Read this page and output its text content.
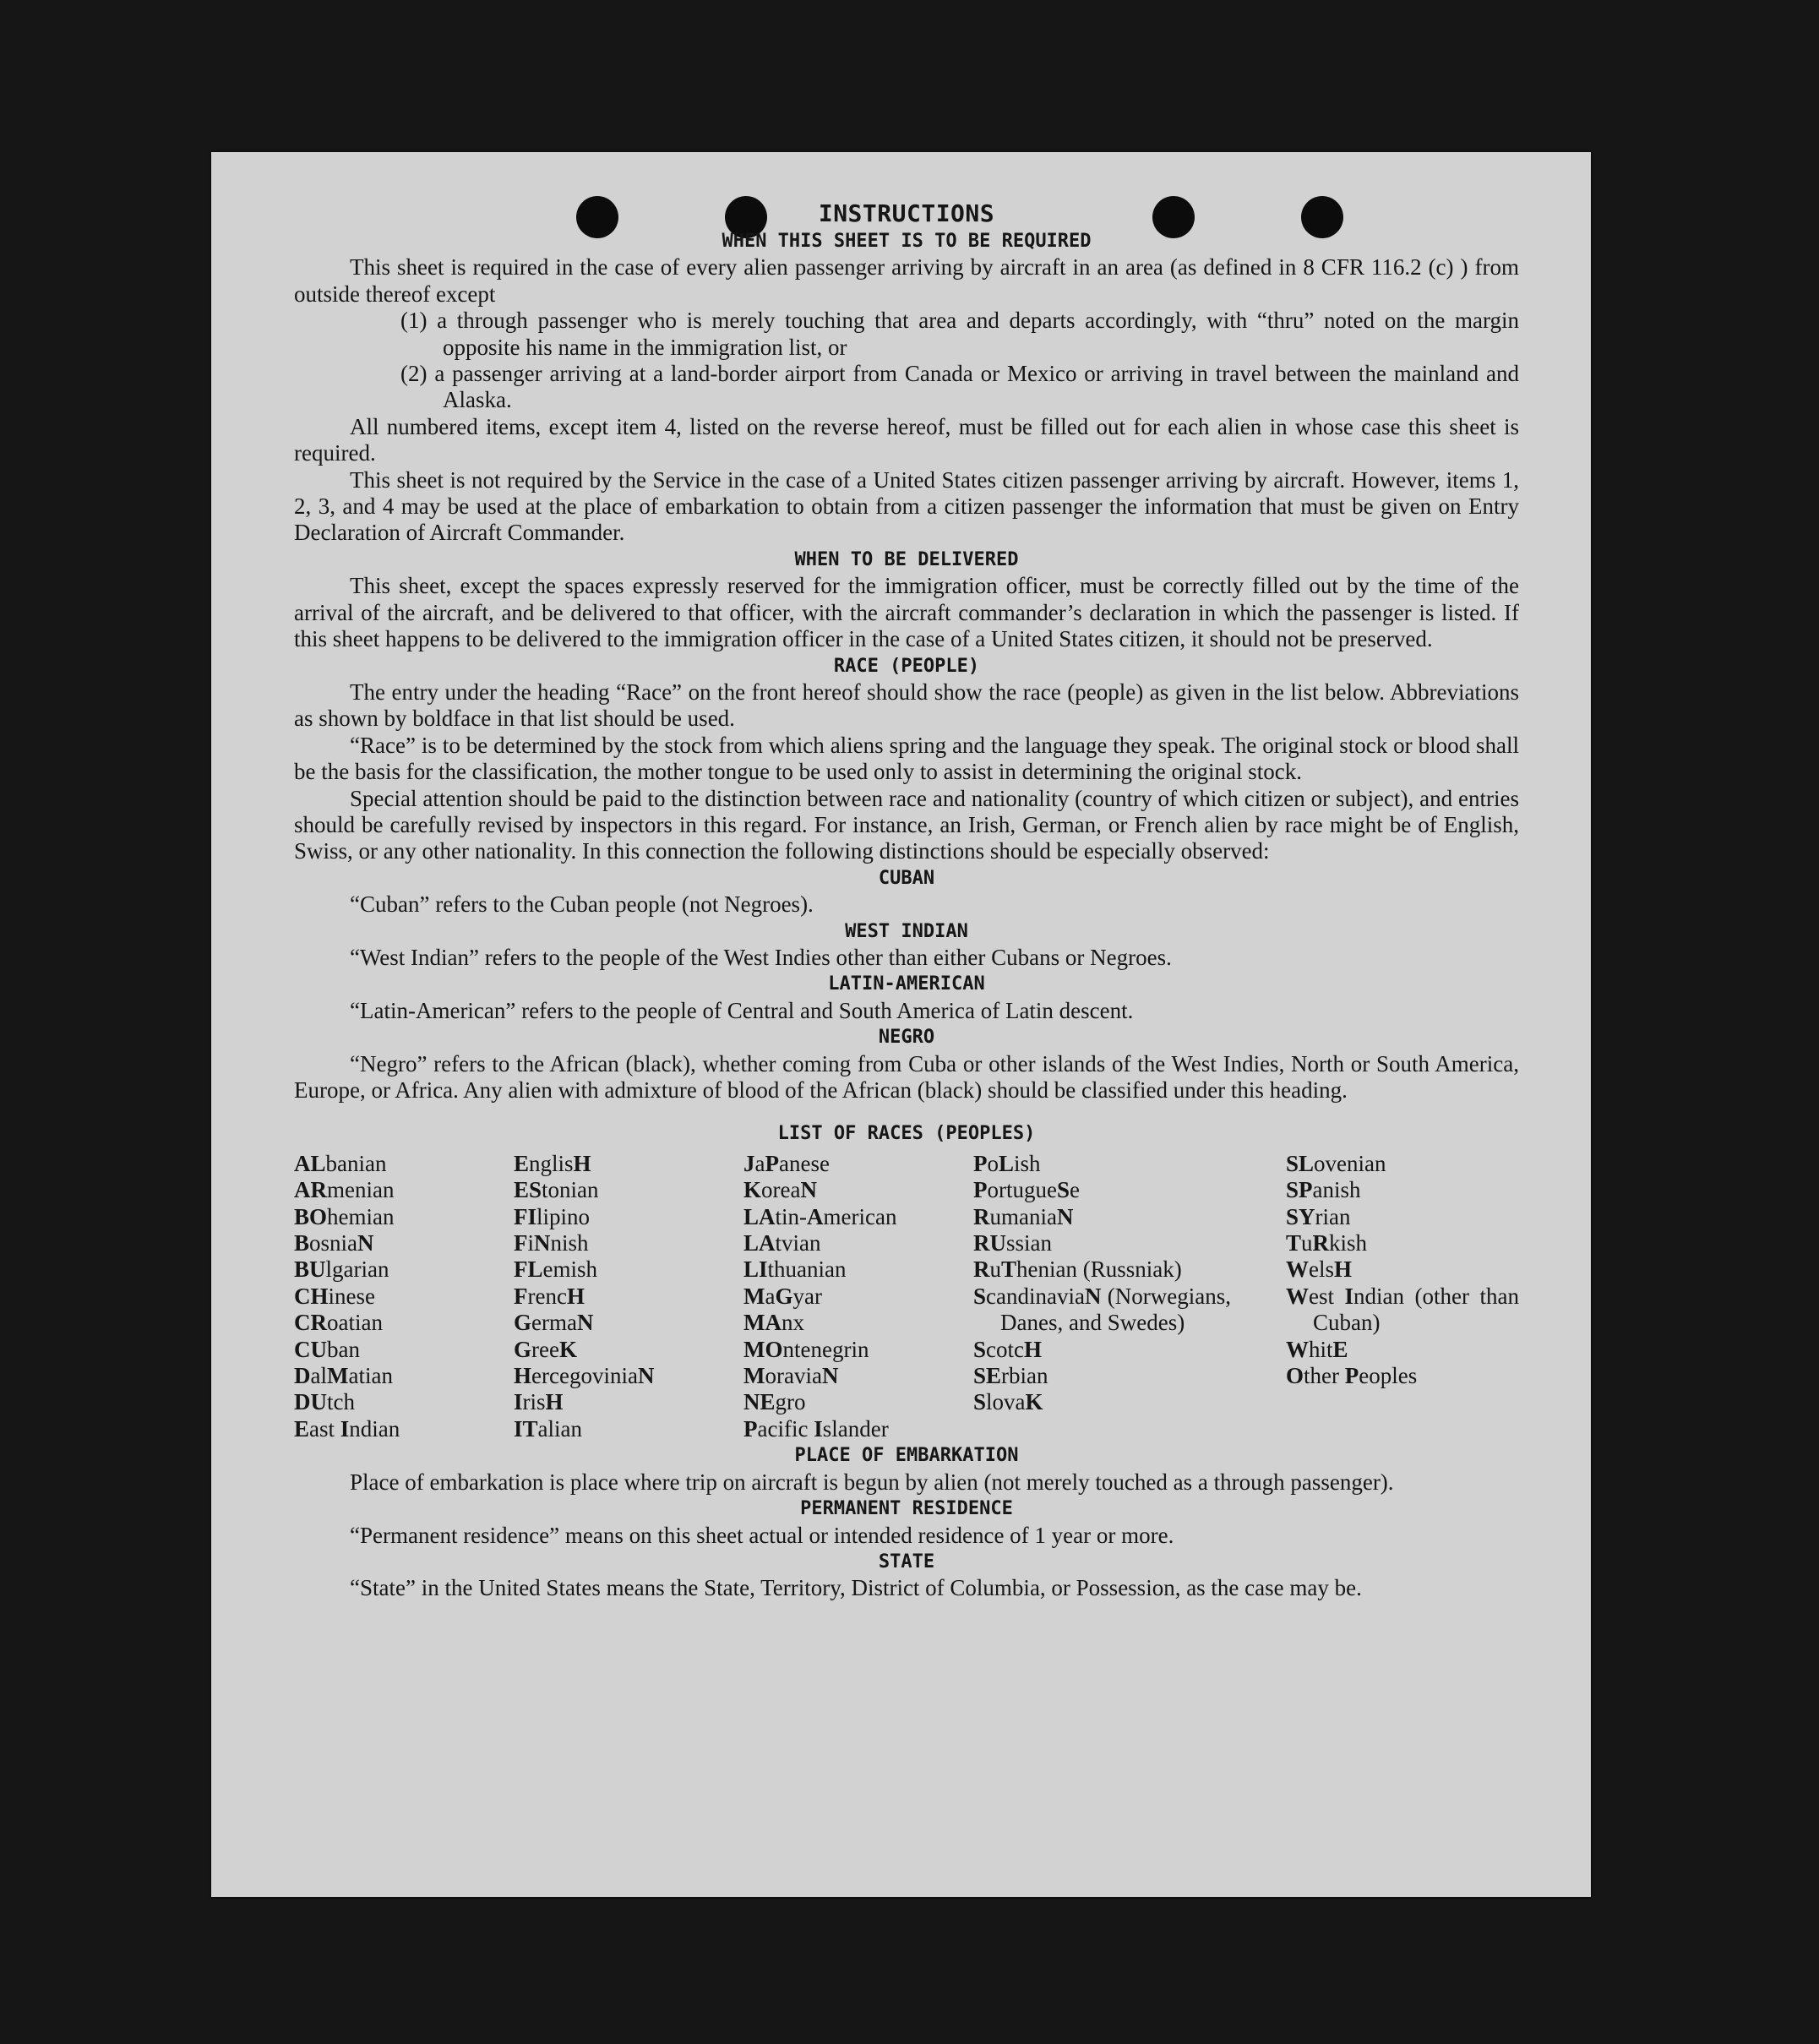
INSTRUCTIONS
WHEN THIS SHEET IS TO BE REQUIRED

This sheet is required in the case of every alien passenger arriving by aircraft in an area (as defined in 8 CFR 116.2 (c) ) from outside thereof except

(1) a through passenger who is merely touching that area and departs accordingly, with “thru” noted on the margin opposite his name in the immigration list, or

(2) a passenger arriving at a land-border airport from Canada or Mexico or arriving in travel between the mainland and Alaska.

All numbered items, except item 4, listed on the reverse hereof, must be filled out for each alien in whose case this sheet is required.

This sheet is not required by the Service in the case of a United States citizen passenger arriving by aircraft. However, items 1, 2, 3, and 4 may be used at the place of embarkation to obtain from a citizen passenger the information that must be given on Entry Declaration of Aircraft Commander.

WHEN TO BE DELIVERED

This sheet, except the spaces expressly reserved for the immigration officer, must be correctly filled out by the time of the arrival of the aircraft, and be delivered to that officer, with the aircraft commander’s declaration in which the passenger is listed. If this sheet happens to be delivered to the immigration officer in the case of a United States citizen, it should not be preserved.

RACE (PEOPLE)

The entry under the heading “Race” on the front hereof should show the race (people) as given in the list below. Abbreviations as shown by boldface in that list should be used.

“Race” is to be determined by the stock from which aliens spring and the language they speak. The original stock or blood shall be the basis for the classification, the mother tongue to be used only to assist in determining the original stock.

Special attention should be paid to the distinction between race and nationality (country of which citizen or subject), and entries should be carefully revised by inspectors in this regard. For instance, an Irish, German, or French alien by race might be of English, Swiss, or any other nationality. In this connection the following distinctions should be especially observed:

CUBAN

“Cuban” refers to the Cuban people (not Negroes).

WEST INDIAN

“West Indian” refers to the people of the West Indies other than either Cubans or Negroes.

LATIN-AMERICAN

“Latin-American” refers to the people of Central and South America of Latin descent.

NEGRO

“Negro” refers to the African (black), whether coming from Cuba or other islands of the West Indies, North or South America, Europe, or Africa. Any alien with admixture of blood of the African (black) should be classified under this heading.

LIST OF RACES (PEOPLES)
ALbanian
ARmenian
BOhemian
BosniaN
BUlgarian
CHinese
CRoatian
CUban
DalMatian
DUtch
East Indian
EnglisH
EStonian
FIlipino
FiNnish
FLemish
FrencH
GermaN
GreeK
HercegoviniaN
IrisH
ITalian
JaPanese
KoreaN
LAtin-American
LAtvian
LIthuanian
MaGyar
MAnx
MOntenegrin
MoraviaN
NEgro
Pacific Islander
PoLish
PortugueSe
RumaniaN
RUssian
RuThenian (Russniak)
ScandinaviaN (Norwegians, Danes, and Swedes)
ScotcH
SErbian
SlovaK
SLovenian
SPanish
SYrian
TuRkish
WelsH
West Indian (other than Cuban)
WhitE
Other Peoples
PLACE OF EMBARKATION

Place of embarkation is place where trip on aircraft is begun by alien (not merely touched as a through passenger).

PERMANENT RESIDENCE

“Permanent residence” means on this sheet actual or intended residence of 1 year or more.

STATE

“State” in the United States means the State, Territory, District of Columbia, or Possession, as the case may be.
